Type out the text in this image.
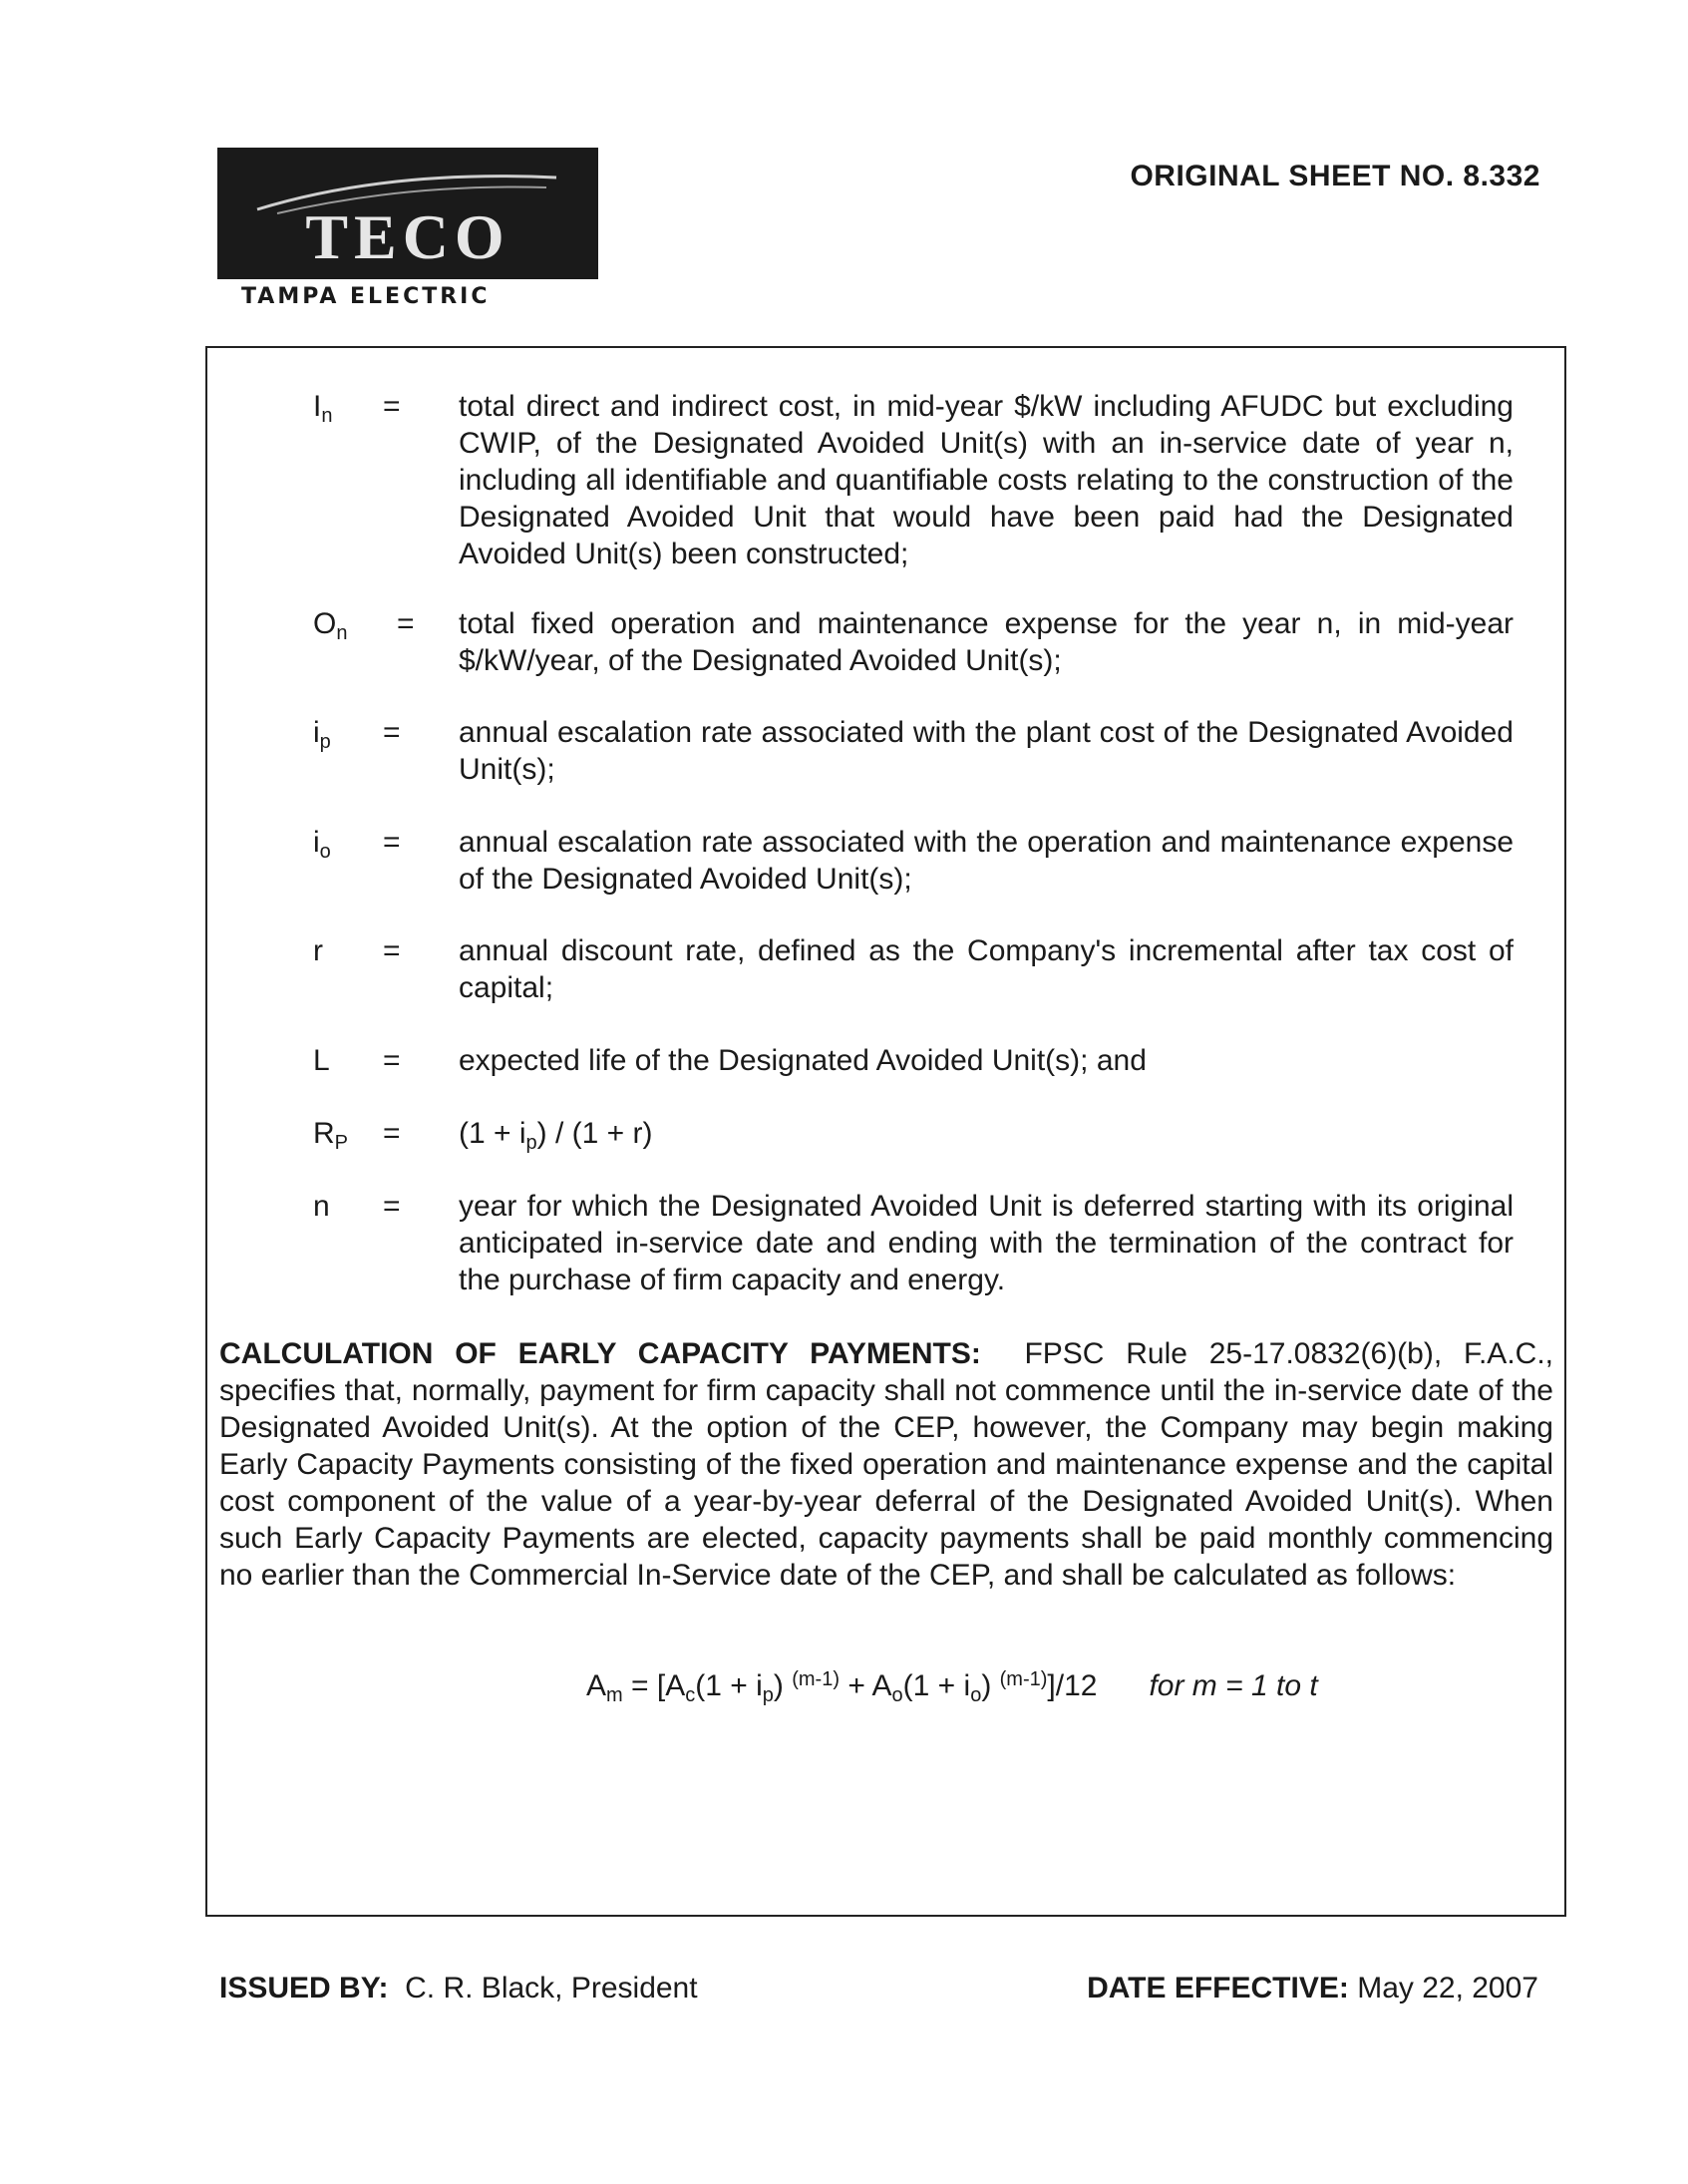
TECO
TAMPA ELECTRIC
ORIGINAL SHEET NO. 8.332
$I_n$ = total direct and indirect cost, in mid-year $/kW including AFUDC but excluding CWIP, of the Designated Avoided Unit(s) with an in-service date of year n, including all identifiable and quantifiable costs relating to the construction of the Designated Avoided Unit that would have been paid had the Designated Avoided Unit(s) been constructed;
$O_n$ = total fixed operation and maintenance expense for the year n, in mid-year $/kW/year, of the Designated Avoided Unit(s);
$i_p$ = annual escalation rate associated with the plant cost of the Designated Avoided Unit(s);
$i_o$ = annual escalation rate associated with the operation and maintenance expense of the Designated Avoided Unit(s);
r = annual discount rate, defined as the Company's incremental after tax cost of capital;
L = expected life of the Designated Avoided Unit(s); and
$R_P = (1 + i_p) / (1 + r)$
n = year for which the Designated Avoided Unit is deferred starting with its original anticipated in-service date and ending with the termination of the contract for the purchase of firm capacity and energy.
CALCULATION OF EARLY CAPACITY PAYMENTS: FPSC Rule 25-17.0832(6)(b), F.A.C., specifies that, normally, payment for firm capacity shall not commence until the in-service date of the Designated Avoided Unit(s). At the option of the CEP, however, the Company may begin making Early Capacity Payments consisting of the fixed operation and maintenance expense and the capital cost component of the value of a year-by-year deferral of the Designated Avoided Unit(s). When such Early Capacity Payments are elected, capacity payments shall be paid monthly commencing no earlier than the Commercial In-Service date of the CEP, and shall be calculated as follows:
$A_m = [A_c(1 + i_p) ^{(m-1)} + A_o(1 + i_o)$ $^{(m-1)}$]/12 for m = 1 to t
ISSUED BY: C. R. Black, President	DATE EFFECTIVE: May 22, 2007
